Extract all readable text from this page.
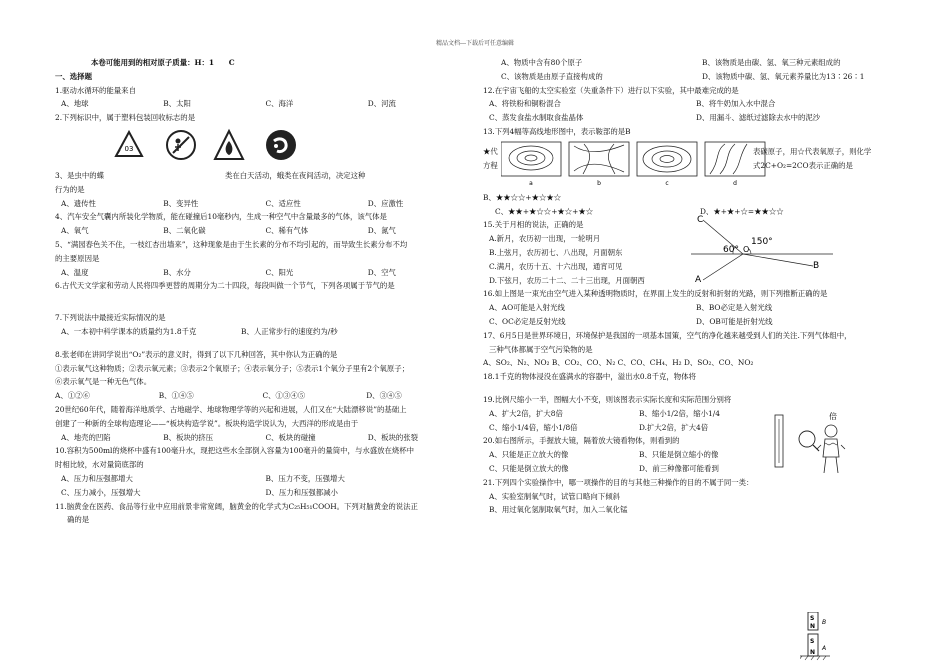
精品文档---下载后可任意编辑
本卷可能用到的相对原子质量：H：1　　C
一、选择题
1.驱动水循环的能量来自
A、地球	B、太阳	C、海洋	D、河流
2.下列标识中，属于塑料包装回收标志的是
03
3、是虫中的蝶	类在白天活动，蛾类在夜间活动，决定这种
行为的是
A、遗传性	B、变异性	C、适应性	D、应激性
4、汽车安全气囊内所装化学物质，能在碰撞后10毫秒内，生成一种空气中含量最多的气体，该气体是
A、氧气	B、二氧化碳	C、稀有气体	D、氮气
5、“满园春色关不住，一枝红杏出墙来”，这种现象是由于生长素的分布不均引起的，而导致生长素分布不均
的主要原因是
A、温度	B、水分	C、阳光	D、空气
6.古代天文学家和劳动人民将四季更替的周期分为二十四段，每段叫做一个节气，下列各项属于节气的是
7.下列说法中最接近实际情况的是
A、一本初中科学课本的质量约为1.8千克	B、人正常步行的速度约为/秒
8.张老师在讲同学说出“O₂”表示的意义时，得到了以下几种回答，其中你认为正确的是
①表示氧气这种物质；②表示氧元素；③表示2个氧原子；④表示氧分子；⑤表示1个氧分子里有2个氧原子；
⑥表示氧气是一种无色气体。
A、①②⑥	B、①④⑤	C、①③④⑤	D、③④⑤
20世纪60年代，随着海洋地质学、古地磁学、地球物理学等的兴起和进展，人们又在“大陆漂移说”的基础上
创建了一种新的全球构造理论——“板块构造学说”。板块构造学说认为，大西洋的形成是由于
A、地壳的凹陷	B、板块的挤压	C、板块的碰撞	D、板块的张裂
10.容积为500ml的烧杯中盛有100毫升水，现把这些水全部倒入容量为100毫升的量筒中，与水盛放在烧杯中
时相比较，水对量筒底部的
A、压力和压强都增大	B、压力不变，压强增大
C、压力减小，压强增大	D、压力和压强都减小
11.脑黄金在医药、食品等行业中应用前景非常宽阔，脑黄金的化学式为C₂₅H₅₁COOH。下列对脑黄金的说法正
确的是
A、物质中含有80个原子	B、该物质是由碳、氢、氧三种元素组成的
C、该物质是由原子直接构成的	D、该物质中碳、氢、氧元素养量比为13∶26∶1
12.在宇宙飞船的太空实验室（失重条件下）进行以下实验，其中最难完成的是
A、将铁粉和铜粉混合	B、将牛奶加入水中混合
C、蒸发食盐水制取食盐晶体	D、用漏斗、滤纸过滤除去水中的泥沙
13.下列4幅等高线地形图中，表示鞍部的是B
★代
方程
a	b	c	d
表碳原子，用☆代表氧原子，则化学
式2C+O₂=2CO表示正确的是
B、★★☆☆+★☆★☆
C、★★+★☆☆+★☆+★☆	D、★+★+☆=★★☆☆
15.关于月相的说法，正确的是
A.新月，农历初一出现，一轮明月
B.上弦月，农历初七、八出现，月面朝东
C.满月，农历十五、十六出现，通宵可见
D.下弦月，农历二十二、二十三出现，月面朝西
C
150°
60° O
B
A
16.如上图是一束光由空气进入某种透明物质时，在界面上发生的反射和折射的光路，则下列推断正确的是
A、AO可能是入射光线	B、BO必定是入射光线
C、OC必定是反射光线	D、OB可能是折射光线
17、6月5日是世界环境日，环境保护是我国的一项基本国策，空气的净化越来越受到人们的关注.下列气体组中，
三种气体都属于空气污染物的是
A、SO₂、N₂、NO₂ B、CO₂、CO、N₂ C、CO、CH₄、H₂ D、SO₂、CO、NO₂
18.1千克的物体浸没在盛满水的容器中，溢出水0.8千克，物体将
19.比例尺缩小一半，图幅大小不变，则该图表示实际长度和实际范围分别将
A、扩大2倍，扩大8倍	B、缩小1/2倍，缩小1/4
C、缩小1/4倍，缩小1/8倍	D.扩大2倍，扩大4倍
20.如右图所示，手握放大镜，隔着放大镜看物体，则看到的
A、只能是正立放大的像	B、只能是倒立缩小的像
C、只能是倒立放大的像	D、前三种像都可能看到
倍
21.下列四个实验操作中，哪一项操作的目的与其他三种操作的目的不属于同一类：
A、实验室制氧气时，试管口略向下倾斜
B、用过氧化氢制取氧气时，加入二氧化锰
S
N
S
N
A
B
